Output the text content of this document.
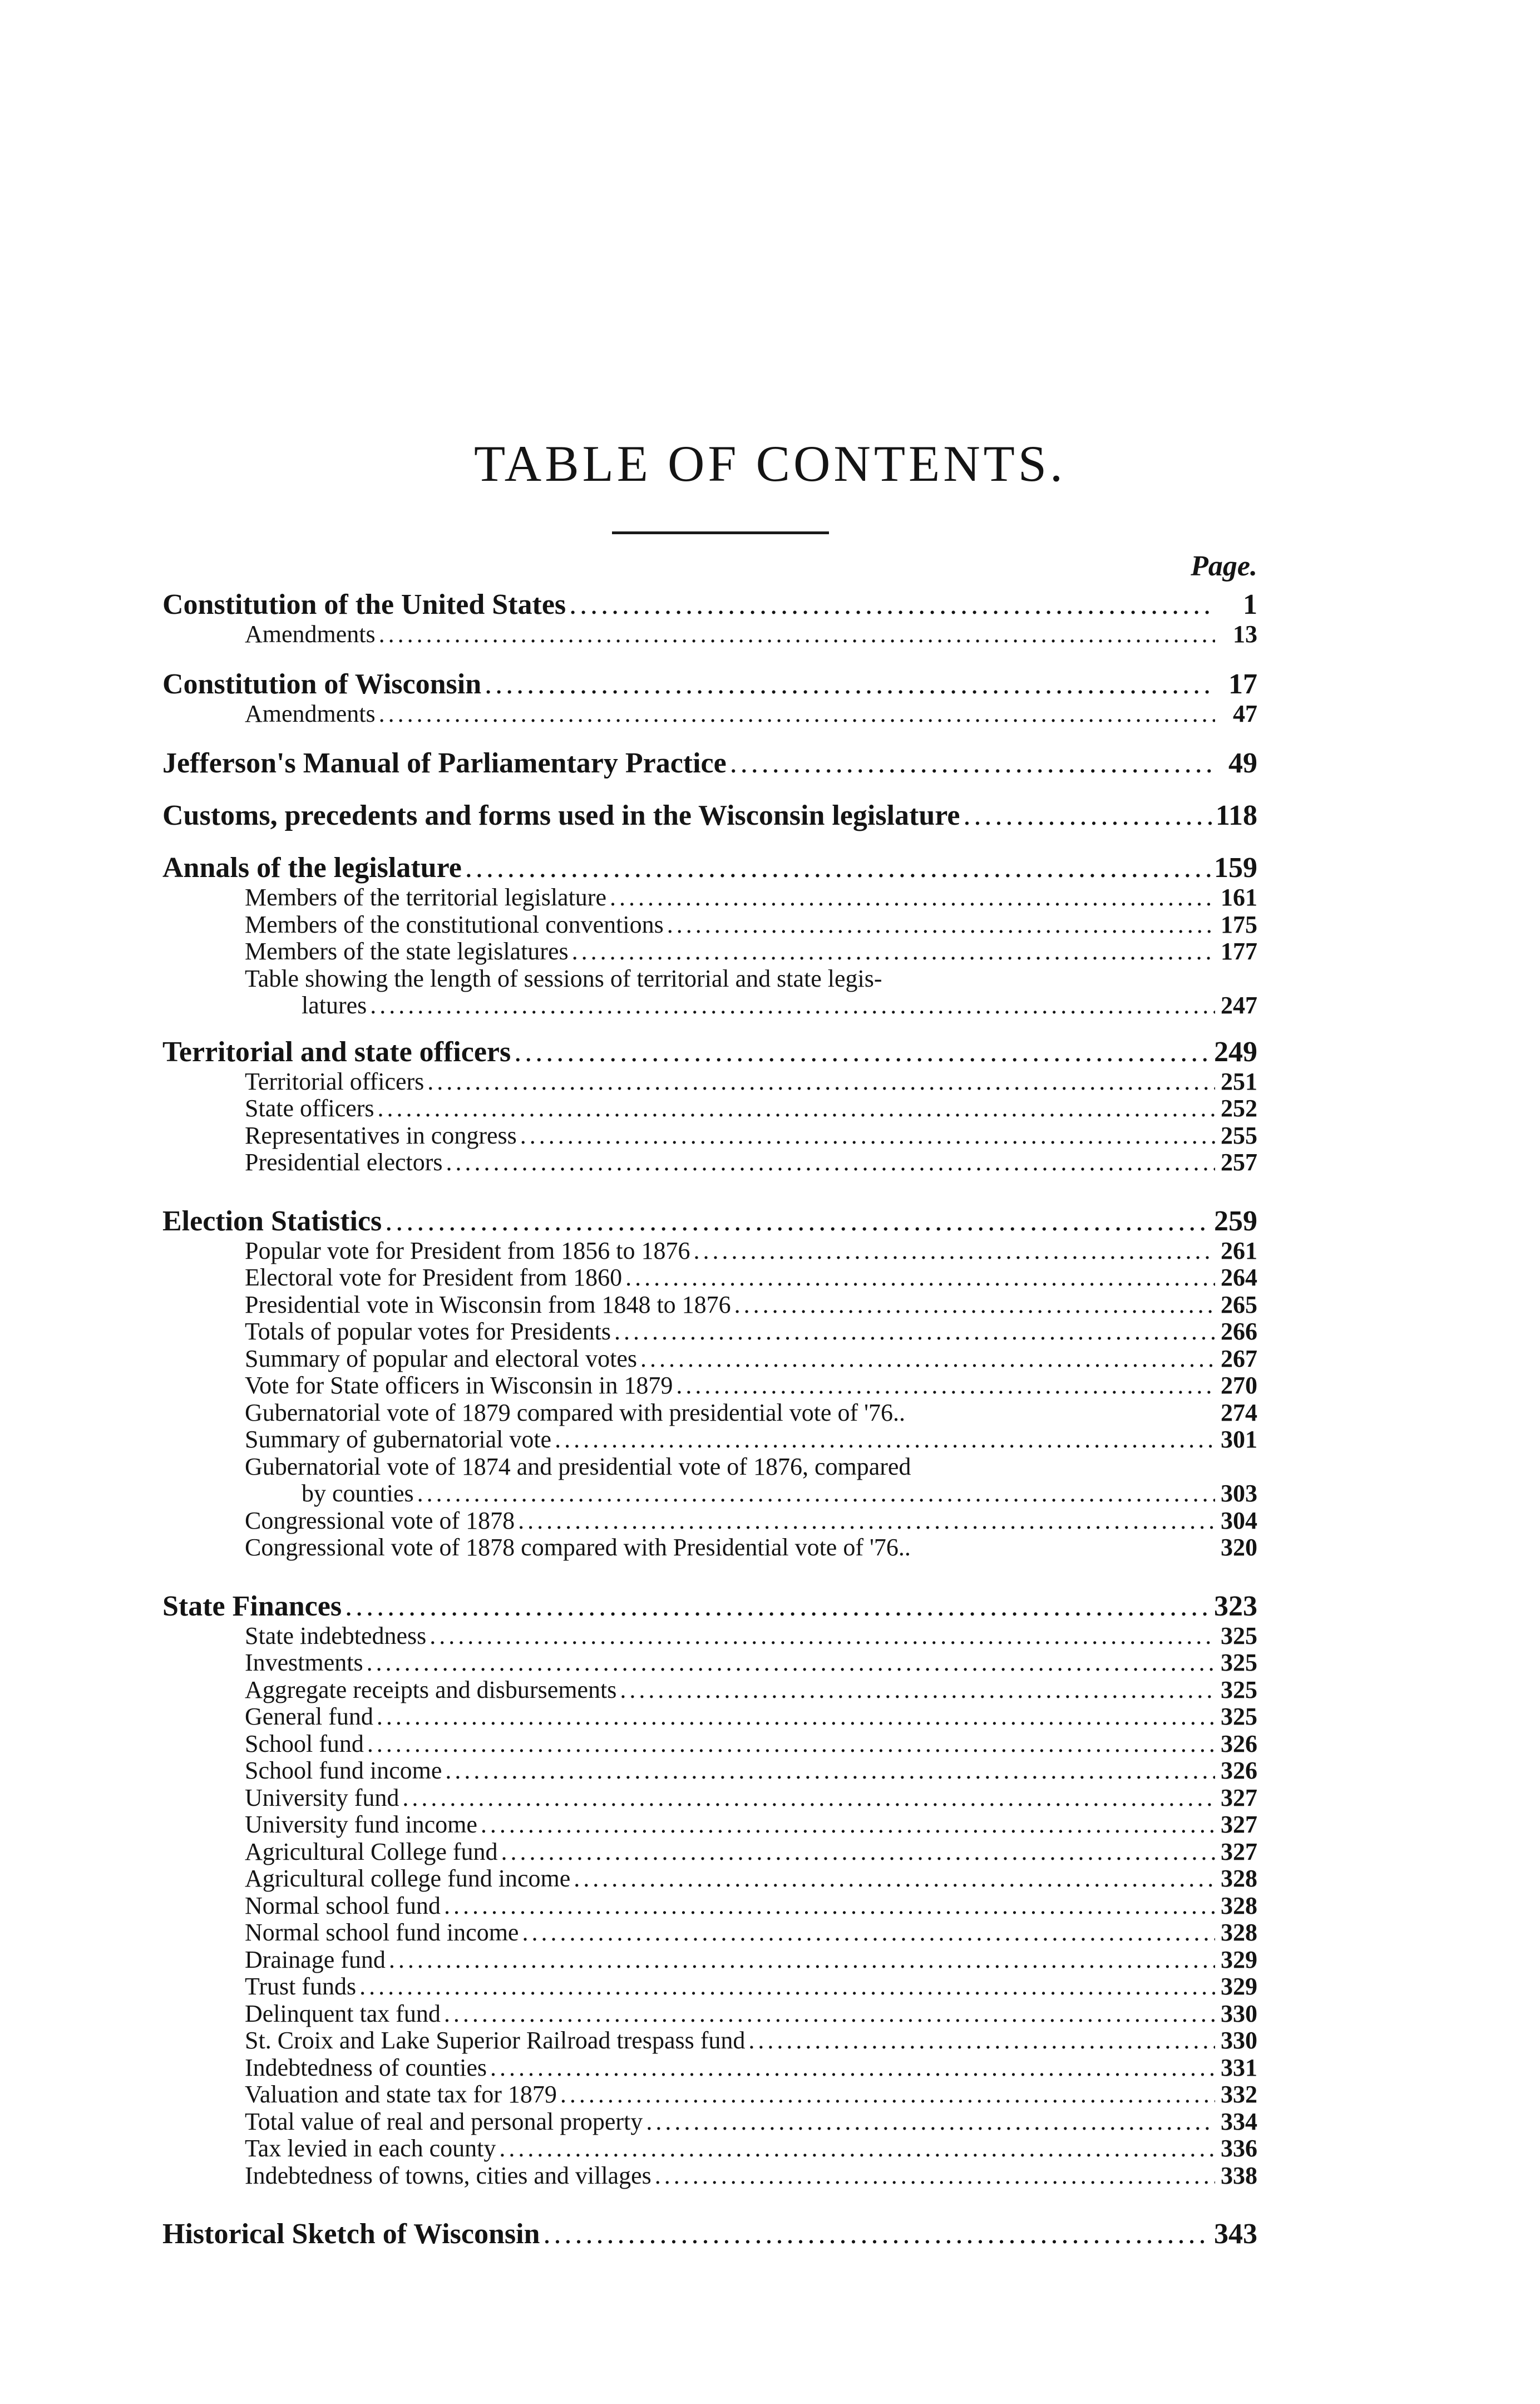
TABLE OF CONTENTS.
Page.
Constitution of the United States .....	1
Amendments .....	13
Constitution of Wisconsin .....	17
Amendments .....	47
Jefferson's Manual of Parliamentary Practice .....	49
Customs, precedents and forms used in the Wisconsin legislature .....	118
Annals of the legislature .....	159
Members of the territorial legislature .....	161
Members of the constitutional conventions .....	175
Members of the state legislatures .....	177
Table showing the length of sessions of territorial and state legis-
latures .....	247
Territorial and state officers .....	249
Territorial officers .....	251
State officers .....	252
Representatives in congress .....	255
Presidential electors .....	257
Election Statistics .....	259
Popular vote for President from 1856 to 1876 .....	261
Electoral vote for President from 1860 .....	264
Presidential vote in Wisconsin from 1848 to 1876 .....	265
Totals of popular votes for Presidents .....	266
Summary of popular and electoral votes .....	267
Vote for State officers in Wisconsin in 1879 .....	270
Gubernatorial vote of 1879 compared with presidential vote of '76..	274
Summary of gubernatorial vote .....	301
Gubernatorial vote of 1874 and presidential vote of 1876, compared
by counties .....	303
Congressional vote of 1878 .....	304
Congressional vote of 1878 compared with Presidential vote of '76..	320
State Finances .....	323
State indebtedness .....	325
Investments .....	325
Aggregate receipts and disbursements .....	325
General fund .....	325
School fund .....	326
School fund income .....	326
University fund .....	327
University fund income .....	327
Agricultural College fund .....	327
Agricultural college fund income .....	328
Normal school fund .....	328
Normal school fund income .....	328
Drainage fund .....	329
Trust funds .....	329
Delinquent tax fund .....	330
St. Croix and Lake Superior Railroad trespass fund .....	330
Indebtedness of counties .....	331
Valuation and state tax for 1879 .....	332
Total value of real and personal property .....	334
Tax levied in each county .....	336
Indebtedness of towns, cities and villages .....	338
Historical Sketch of Wisconsin .....	343
